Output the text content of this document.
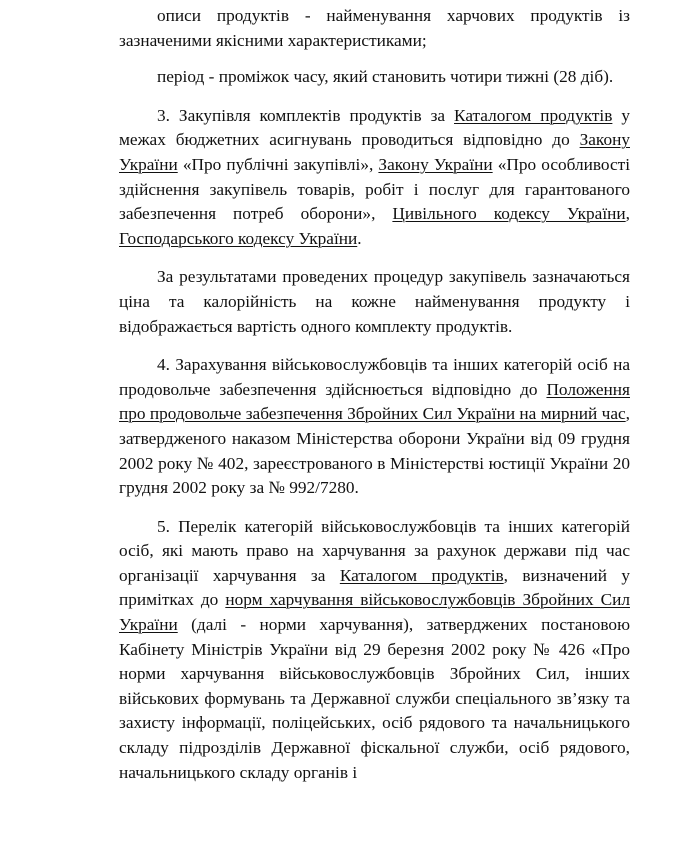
описи продуктів - найменування харчових продуктів із зазначеними якісними характеристиками;

період - проміжок часу, який становить чотири тижні (28 діб).

3. Закупівля комплектів продуктів за Каталогом продуктів у межах бюджетних асигнувань проводиться відповідно до Закону України «Про публічні закупівлі», Закону України «Про особливості здійснення закупівель товарів, робіт і послуг для гарантованого забезпечення потреб оборони», Цивільного кодексу України, Господарського кодексу України.

За результатами проведених процедур закупівель зазначаються ціна та калорійність на кожне найменування продукту і відображається вартість одного комплекту продуктів.

4. Зарахування військовослужбовців та інших категорій осіб на продовольче забезпечення здійснюється відповідно до Положення про продовольче забезпечення Збройних Сил України на мирний час, затвердженого наказом Міністерства оборони України від 09 грудня 2002 року № 402, зареєстрованого в Міністерстві юстиції України 20 грудня 2002 року за № 992/7280.

5. Перелік категорій військовослужбовців та інших категорій осіб, які мають право на харчування за рахунок держави під час організації харчування за Каталогом продуктів, визначений у примітках до норм харчування військовослужбовців Збройних Сил України (далі - норми харчування), затверджених постановою Кабінету Міністрів України від 29 березня 2002 року № 426 «Про норми харчування військовослужбовців Збройних Сил, інших військових формувань та Державної служби спеціального зв’язку та захисту інформації, поліцейських, осіб рядового та начальницького складу підрозділів Державної фіскальної служби, осіб рядового, начальницького складу органів і
